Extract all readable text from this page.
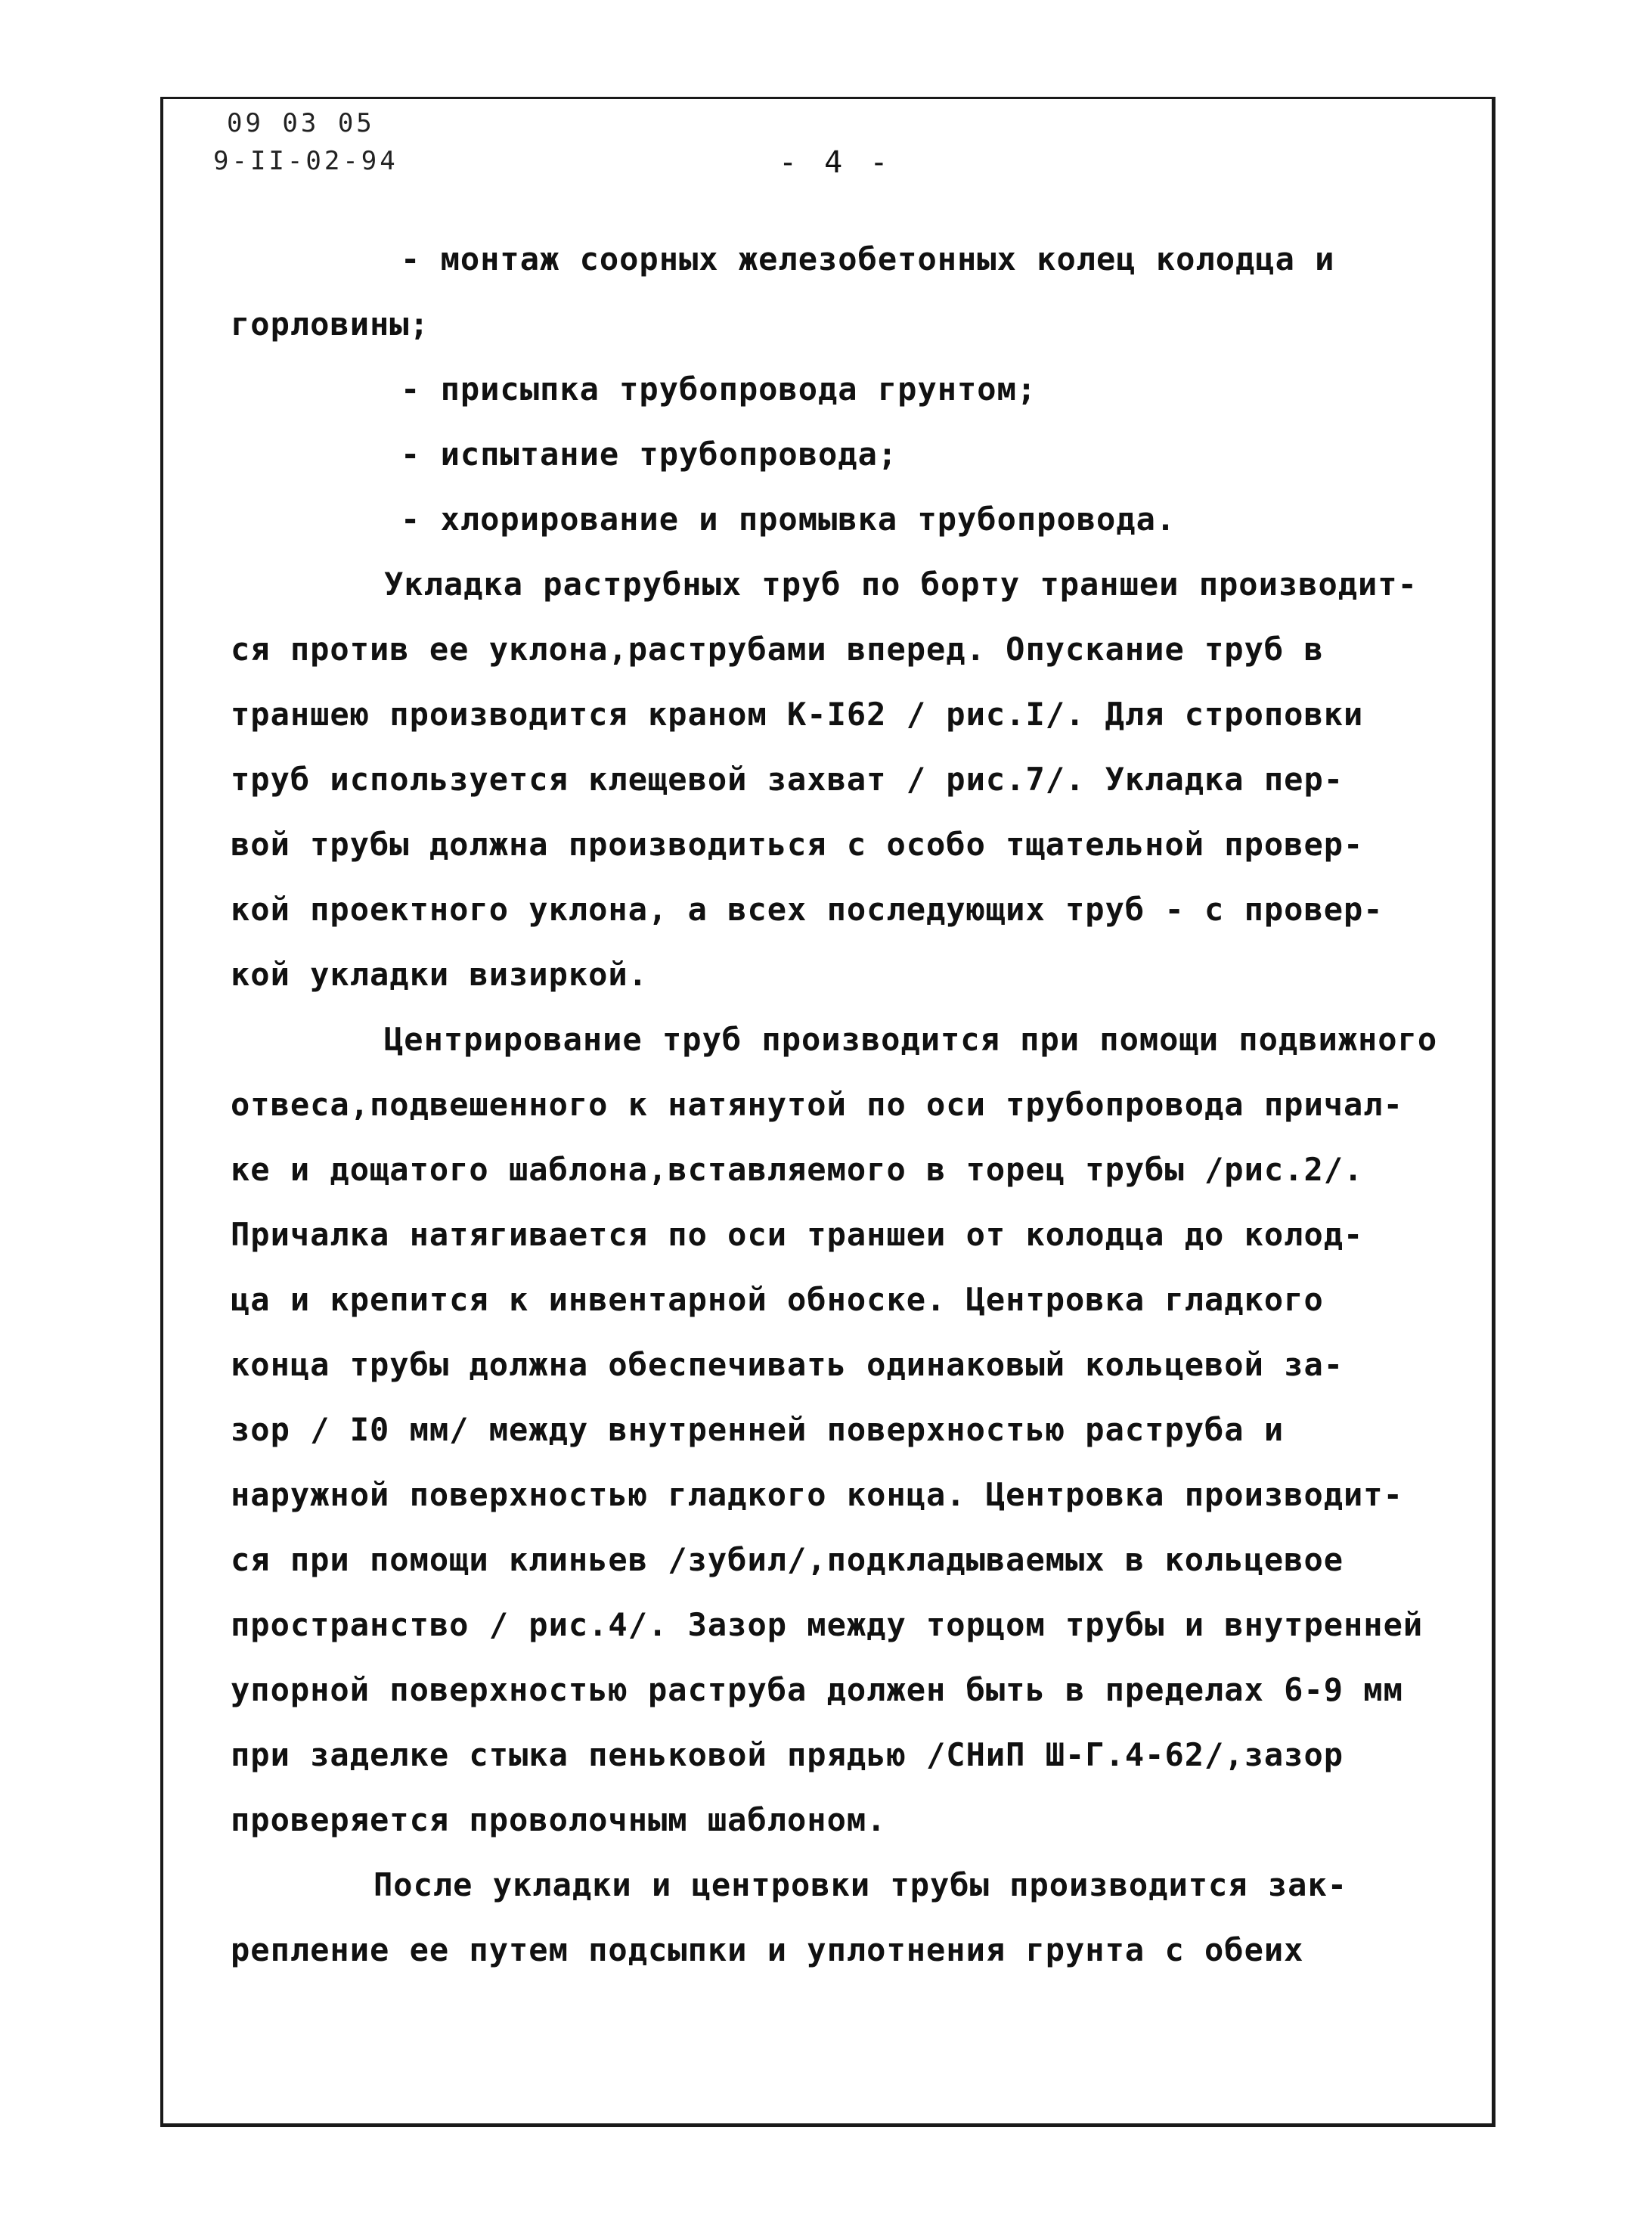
09 03 05
9-II-02-94	- 4 -
- монтаж соорных железобетонных колец колодца и
горловины;
- присыпка трубопровода грунтом;
- испытание трубопровода;
- хлорирование и промывка трубопровода.
Укладка раструбных труб по борту траншеи производит-
ся против ее уклона,раструбами вперед. Опускание труб в
траншею производится краном К-I62 / рис.I/. Для строповки
труб используется клещевой захват / рис.7/. Укладка пер-
вой трубы должна производиться с особо тщательной провер-
кой проектного уклона, а всех последующих труб - с провер-
кой укладки визиркой.
Центрирование труб производится при помощи подвижного
отвеса,подвешенного к натянутой по оси трубопровода причал-
ке и дощатого шаблона,вставляемого в торец трубы /рис.2/.
Причалка натягивается по оси траншеи от колодца до колод-
ца и крепится к инвентарной обноске. Центровка гладкого
конца трубы должна обеспечивать одинаковый кольцевой за-
зор / I0 мм/ между внутренней поверхностью раструба и
наружной поверхностью гладкого конца. Центровка производит-
ся при помощи клиньев /зубил/,подкладываемых в кольцевое
пространство / рис.4/. Зазор между торцом трубы и внутренней
упорной поверхностью раструба должен быть в пределах 6-9 мм
при заделке стыка пеньковой прядью /СНиП Ш-Г.4-62/,зазор
проверяется проволочным шаблоном.
После укладки и центровки трубы производится зак-
репление ее путем подсыпки и уплотнения грунта с обеих
